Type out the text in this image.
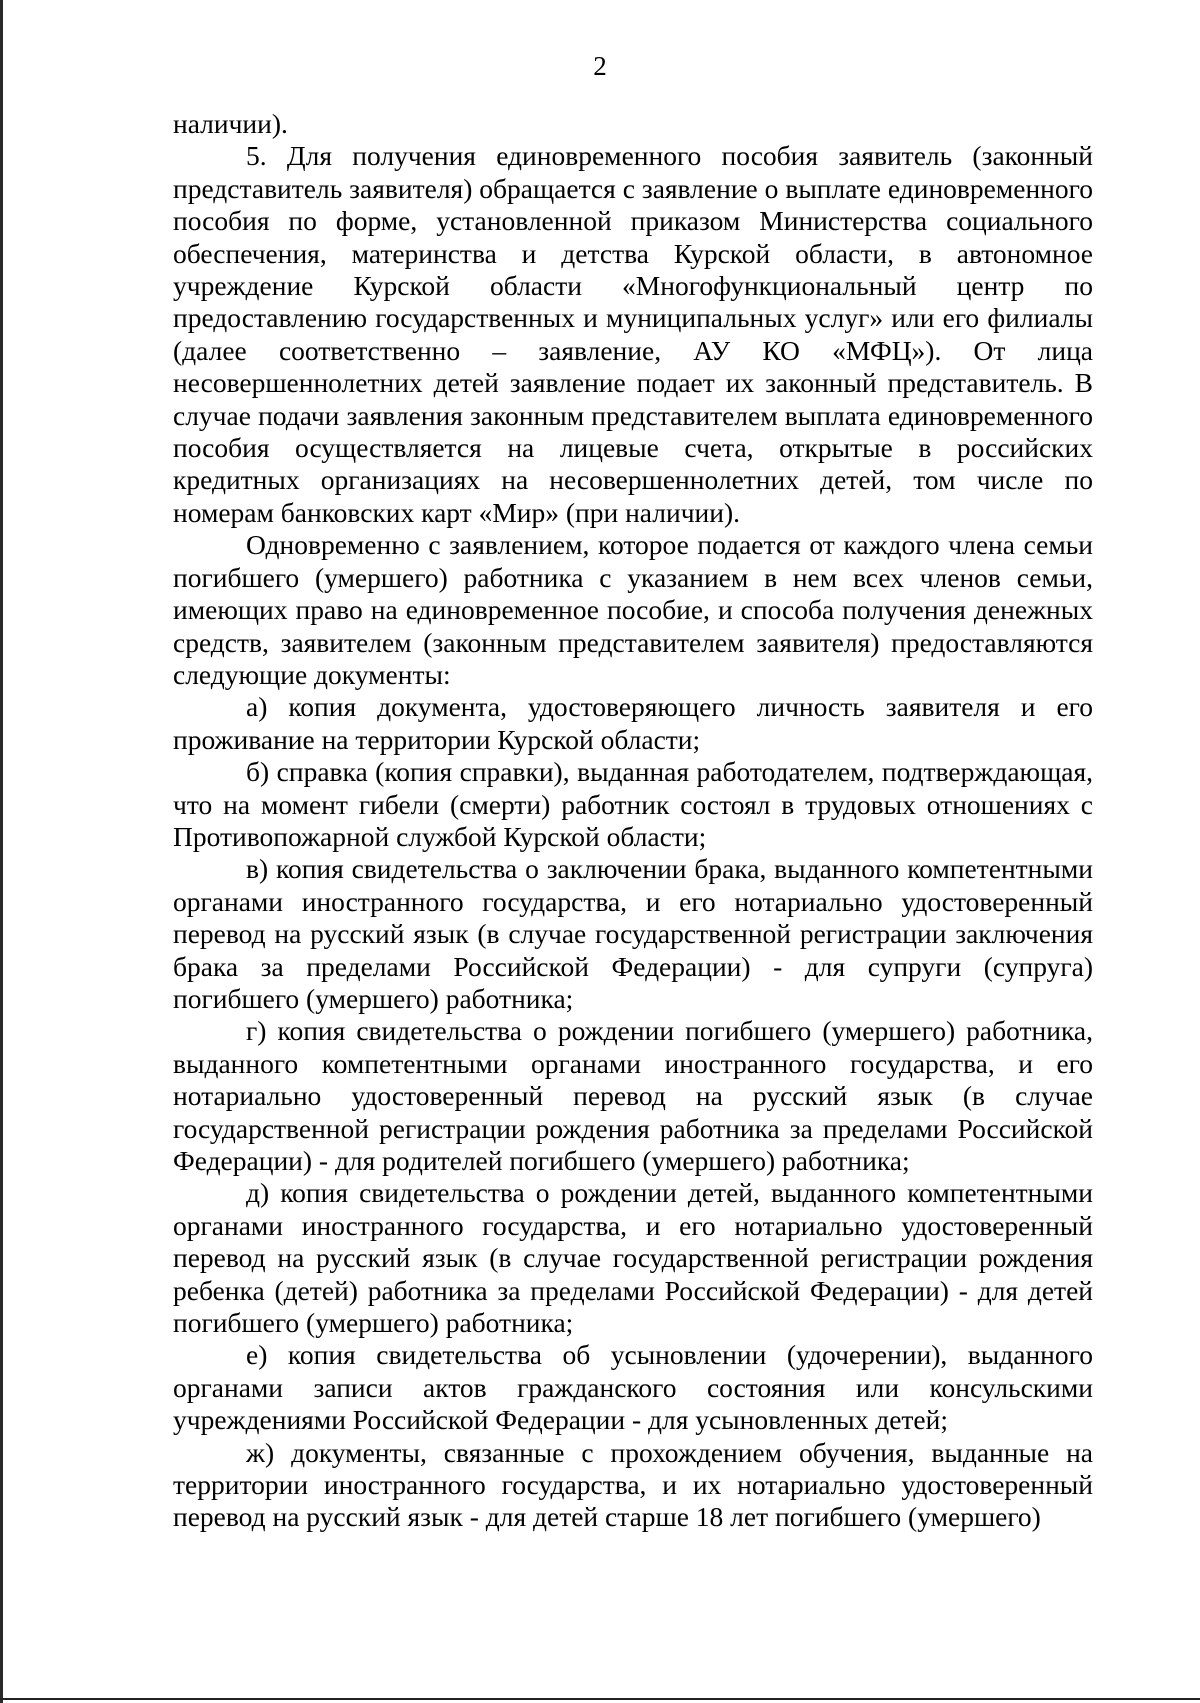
2

наличии).

5. Для получения единовременного пособия заявитель (законный представитель заявителя) обращается с заявление о выплате единовременного пособия по форме, установленной приказом Министерства социального обеспечения, материнства и детства Курской области, в автономное учреждение Курской области «Многофункциональный центр по предоставлению государственных и муниципальных услуг» или его филиалы (далее соответственно – заявление, АУ КО «МФЦ»). От лица несовершеннолетних детей заявление подает их законный представитель. В случае подачи заявления законным представителем выплата единовременного пособия осуществляется на лицевые счета, открытые в российских кредитных организациях на несовершеннолетних детей, том числе по номерам банковских карт «Мир» (при наличии).

Одновременно с заявлением, которое подается от каждого члена семьи погибшего (умершего) работника с указанием в нем всех членов семьи, имеющих право на единовременное пособие, и способа получения денежных средств, заявителем (законным представителем заявителя) предоставляются следующие документы:

а) копия документа, удостоверяющего личность заявителя и его проживание на территории Курской области;

б) справка (копия справки), выданная работодателем, подтверждающая, что на момент гибели (смерти) работник состоял в трудовых отношениях с Противопожарной службой Курской области;

в) копия свидетельства о заключении брака, выданного компетентными органами иностранного государства, и его нотариально удостоверенный перевод на русский язык (в случае государственной регистрации заключения брака за пределами Российской Федерации) - для супруги (супруга) погибшего (умершего) работника;

г) копия свидетельства о рождении погибшего (умершего) работника, выданного компетентными органами иностранного государства, и его нотариально удостоверенный перевод на русский язык (в случае государственной регистрации рождения работника за пределами Российской Федерации) - для родителей погибшего (умершего) работника;

д) копия свидетельства о рождении детей, выданного компетентными органами иностранного государства, и его нотариально удостоверенный перевод на русский язык (в случае государственной регистрации рождения ребенка (детей) работника за пределами Российской Федерации) - для детей погибшего (умершего) работника;

е) копия свидетельства об усыновлении (удочерении), выданного органами записи актов гражданского состояния или консульскими учреждениями Российской Федерации - для усыновленных детей;

ж) документы, связанные с прохождением обучения, выданные на территории иностранного государства, и их нотариально удостоверенный перевод на русский язык - для детей старше 18 лет погибшего (умершего)
